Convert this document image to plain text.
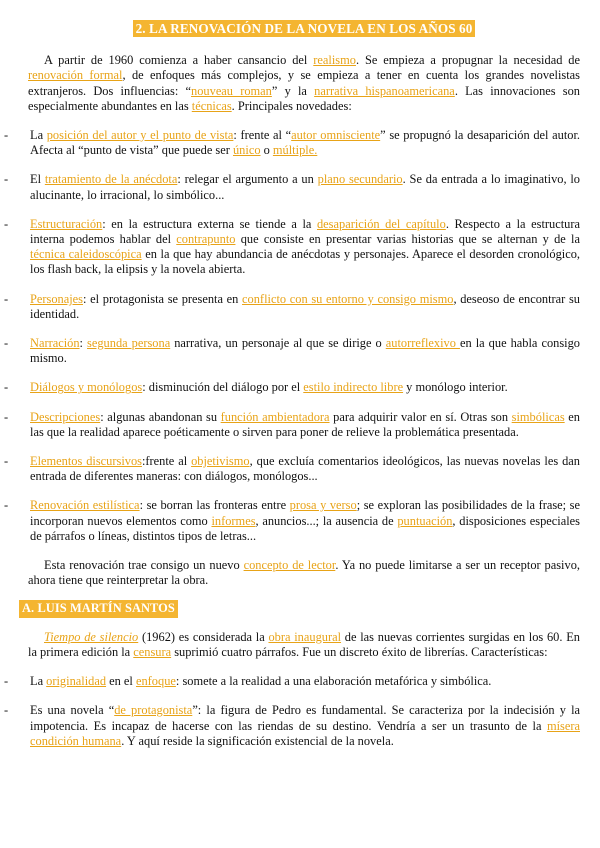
2. LA RENOVACIÓN DE LA NOVELA EN LOS AÑOS 60

A partir de 1960 comienza a haber cansancio del realismo. Se empieza a propugnar la necesidad de renovación formal, de enfoques más complejos, y se empieza a tener en cuenta los grandes novelistas extranjeros. Dos influencias: “nouveau roman” y la narrativa hispanoamericana. Las innovaciones son especialmente abundantes en las técnicas. Principales novedades:

- La posición del autor y el punto de vista: frente al “autor omnisciente” se propugnó la desaparición del autor. Afecta al “punto de vista” que puede ser único o múltiple.
- El tratamiento de la anécdota: relegar el argumento a un plano secundario. Se da entrada a lo imaginativo, lo alucinante, lo irracional, lo simbólico...
- Estructuración: en la estructura externa se tiende a la desaparición del capítulo. Respecto a la estructura interna podemos hablar del contrapunto que consiste en presentar varias historias que se alternan y de la técnica caleidoscópica en la que hay abundancia de anécdotas y personajes. Aparece el desorden cronológico, los flash back, la elipsis y la novela abierta.
- Personajes: el protagonista se presenta en conflicto con su entorno y consigo mismo, deseoso de encontrar su identidad.
- Narración: segunda persona narrativa, un personaje al que se dirige o autorreflexivo en la que habla consigo mismo.
- Diálogos y monólogos: disminución del diálogo por el estilo indirecto libre y monólogo interior.
- Descripciones: algunas abandonan su función ambientadora para adquirir valor en sí. Otras son simbólicas en las que la realidad aparece poéticamente o sirven para poner de relieve la problemática presentada.
- Elementos discursivos:frente al objetivismo, que excluía comentarios ideológicos, las nuevas novelas les dan entrada de diferentes maneras: con diálogos, monólogos...
- Renovación estilística: se borran las fronteras entre prosa y verso; se exploran las posibilidades de la frase; se incorporan nuevos elementos como informes, anuncios...; la ausencia de puntuación, disposiciones especiales de párrafos o líneas, distintos tipos de letras...

Esta renovación trae consigo un nuevo concepto de lector. Ya no puede limitarse a ser un receptor pasivo, ahora tiene que reinterpretar la obra.

A. LUIS MARTÍN SANTOS

Tiempo de silencio (1962) es considerada la obra inaugural de las nuevas corrientes surgidas en los 60. En la primera edición la censura suprimió cuatro párrafos. Fue un discreto éxito de librerías. Características:

- La originalidad en el enfoque: somete a la realidad a una elaboración metafórica y simbólica.
- Es una novela “de protagonista”: la figura de Pedro es fundamental. Se caracteriza por la indecisión y la impotencia. Es incapaz de hacerse con las riendas de su destino. Vendría a ser un trasunto de la mísera condición humana. Y aquí reside la significación existencial de la novela.
